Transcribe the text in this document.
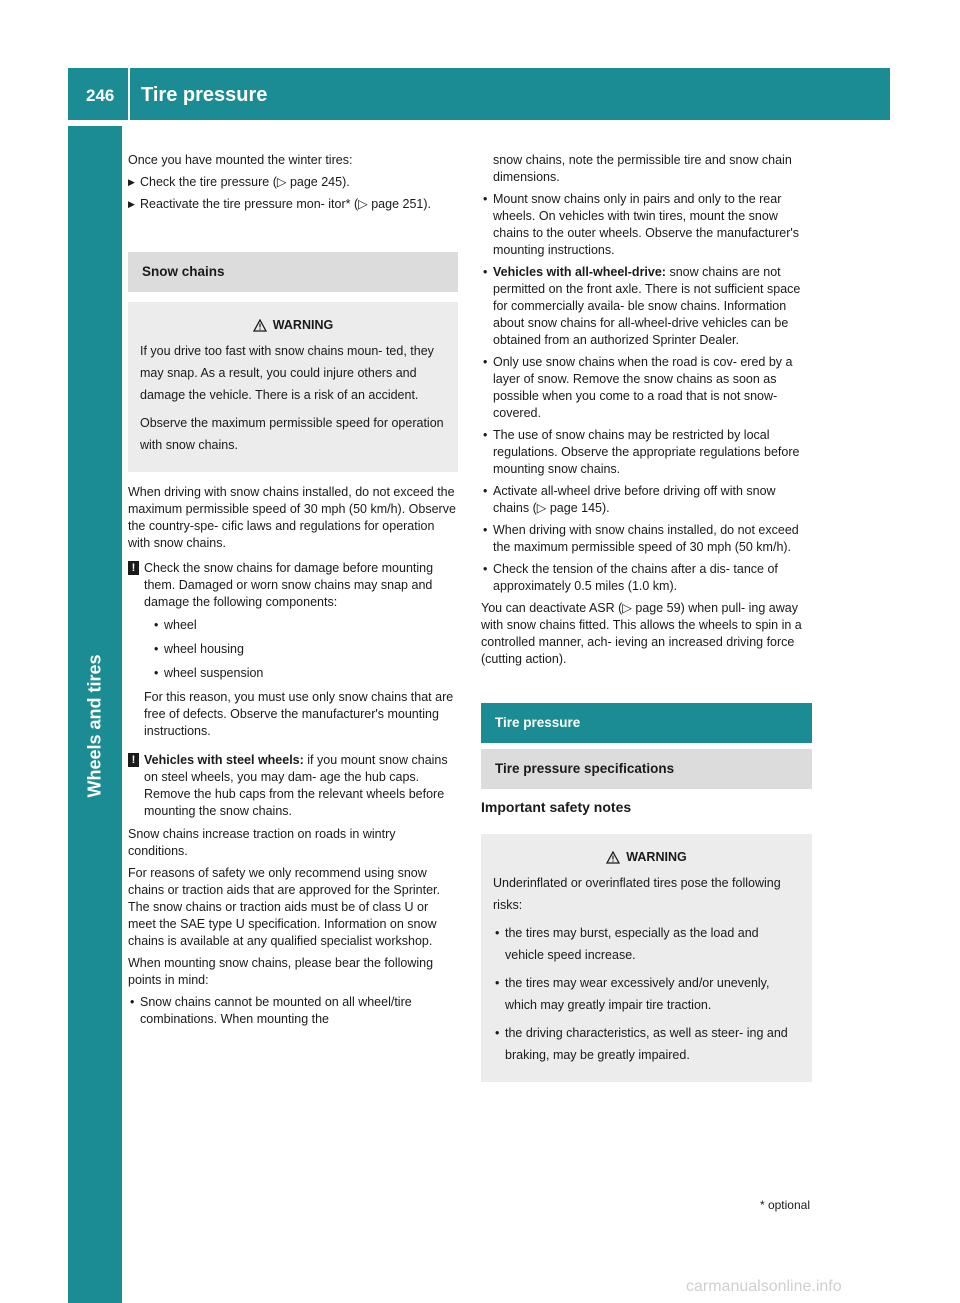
246 Tire pressure
Wheels and tires

Once you have mounted the winter tires:

▶ Check the tire pressure (▷ page 245).
▶ Reactivate the tire pressure mon- itor* (▷ page 251).
Snow chains
WARNING

If you drive too fast with snow chains moun- ted, they may snap. As a result, you could injure others and damage the vehicle. There is a risk of an accident.

Observe the maximum permissible speed for operation with snow chains.

When driving with snow chains installed, do not exceed the maximum permissible speed of 30 mph (50 km/h). Observe the country-spe- cific laws and regulations for operation with snow chains.

! Check the snow chains for damage before mounting them. Damaged or worn snow chains may snap and damage the following components:
• wheel
• wheel housing
• wheel suspension

For this reason, you must use only snow chains that are free of defects. Observe the manufacturer's mounting instructions.

! Vehicles with steel wheels: if you mount snow chains on steel wheels, you may dam- age the hub caps. Remove the hub caps from the relevant wheels before mounting the snow chains.

Snow chains increase traction on roads in wintry conditions.

For reasons of safety we only recommend using snow chains or traction aids that are approved for the Sprinter. The snow chains or traction aids must be of class U or meet the SAE type U specification. Information on snow chains is available at any qualified specialist workshop.

When mounting snow chains, please bear the following points in mind:

• Snow chains cannot be mounted on all wheel/tire combinations. When mounting the

snow chains, note the permissible tire and snow chain dimensions.

• Mount snow chains only in pairs and only to the rear wheels. On vehicles with twin tires, mount the snow chains to the outer wheels. Observe the manufacturer's mounting instructions.
• Vehicles with all-wheel-drive: snow chains are not permitted on the front axle. There is not sufficient space for commercially availa- ble snow chains. Information about snow chains for all-wheel-drive vehicles can be obtained from an authorized Sprinter Dealer.
• Only use snow chains when the road is cov- ered by a layer of snow. Remove the snow chains as soon as possible when you come to a road that is not snow-covered.
• The use of snow chains may be restricted by local regulations. Observe the appropriate regulations before mounting snow chains.
• Activate all-wheel drive before driving off with snow chains (▷ page 145).
• When driving with snow chains installed, do not exceed the maximum permissible speed of 30 mph (50 km/h).
• Check the tension of the chains after a dis- tance of approximately 0.5 miles (1.0 km).

You can deactivate ASR (▷ page 59) when pull- ing away with snow chains fitted. This allows the wheels to spin in a controlled manner, ach- ieving an increased driving force (cutting action).

Tire pressure
Tire pressure specifications
Important safety notes
WARNING

Underinflated or overinflated tires pose the following risks:

• the tires may burst, especially as the load and vehicle speed increase.
• the tires may wear excessively and/or unevenly, which may greatly impair tire traction.
• the driving characteristics, as well as steer- ing and braking, may be greatly impaired.
* optional
carmanualsonline.info
